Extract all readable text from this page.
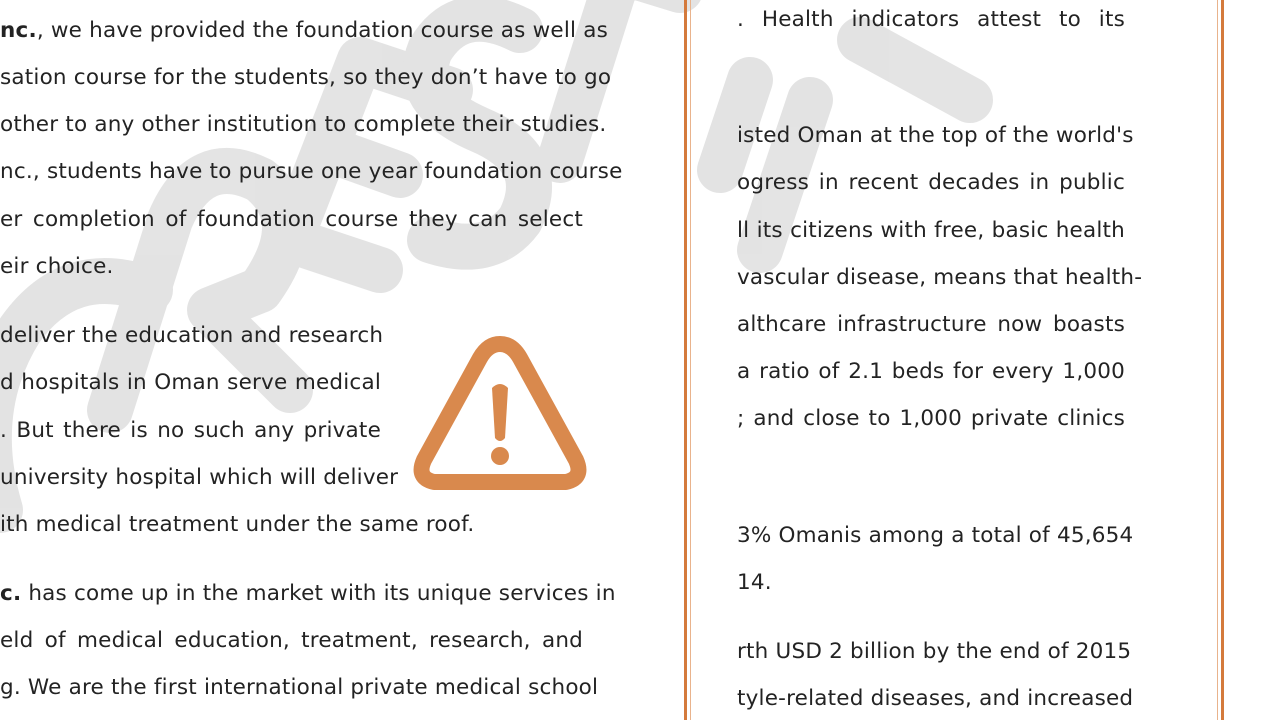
nc., we have provided the foundation course as well as
sation course for the students, so they don’t have to go
other to any other institution to complete their studies.
nc., students have to pursue one year foundation course
er completion of foundation course they can select
eir choice.
deliver the education and research
d hospitals in Oman serve medical
. But there is no such any private
university hospital which will deliver
ith medical treatment under the same roof.
c. has come up in the market with its unique services in
eld of medical education, treatment, research, and
g. We are the first international private medical school
. Health indicators attest to its
isted Oman at the top of the world's
ogress in recent decades in public
ll its citizens with free, basic health
vascular disease, means that health-
althcare infrastructure now boasts
a ratio of 2.1 beds for every 1,000
; and close to 1,000 private clinics
3% Omanis among a total of 45,654
14.
rth USD 2 billion by the end of 2015
tyle-related diseases, and increased
